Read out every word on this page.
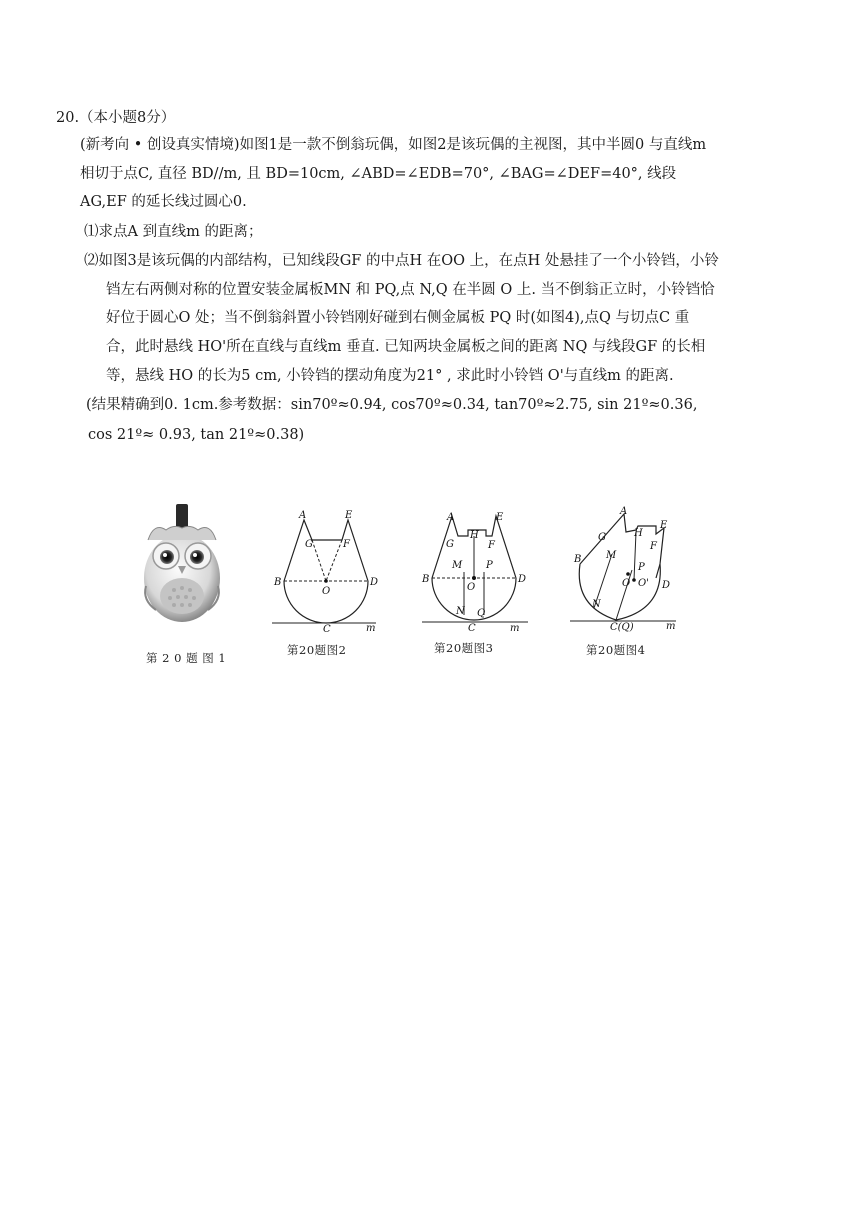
20.（本小题8分）
(新考向 • 创设真实情境)如图1是一款不倒翁玩偶，如图2是该玩偶的主视图，其中半圆0 与直线m
相切于点C, 直径 BD//m, 且 BD=10cm, ∠ABD=∠EDB=70°, ∠BAG=∠DEF=40°, 线段
AG,EF 的延长线过圆心0.
⑴求点A 到直线m 的距离；
⑵如图3是该玩偶的内部结构，已知线段GF 的中点H 在OO 上，在点H 处悬挂了一个小铃铛，小铃
铛左右两侧对称的位置安装金属板MN 和 PQ,点 N,Q 在半圆 O 上. 当不倒翁正立时，小铃铛恰
好位于圆心O 处；当不倒翁斜置小铃铛刚好碰到右侧金属板 PQ 时(如图4),点Q 与切点C 重
合，此时悬线 HO'所在直线与直线m 垂直. 已知两块金属板之间的距离 NQ 与线段GF 的长相
等，悬线 HO 的长为5 cm, 小铃铛的摆动角度为21° , 求此时小铃铛 O'与直线m 的距离.
(结果精确到0. 1cm.参考数据：sin70º≈0.94, cos70º≈0.34, tan70º≈2.75, sin 21º≈0.36,
cos 21º≈ 0.93, tan 21º≈0.38)
A	E
G	F
B	D
O
C	m
A	E
G
H
F
M P
B	D
O
N Q
C	m
A
E
H
F
G
M
B
P
O O' D
N
C(Q)	m
第 2 0 题 图 1
第20题图2	第20题图3	第20题图4
